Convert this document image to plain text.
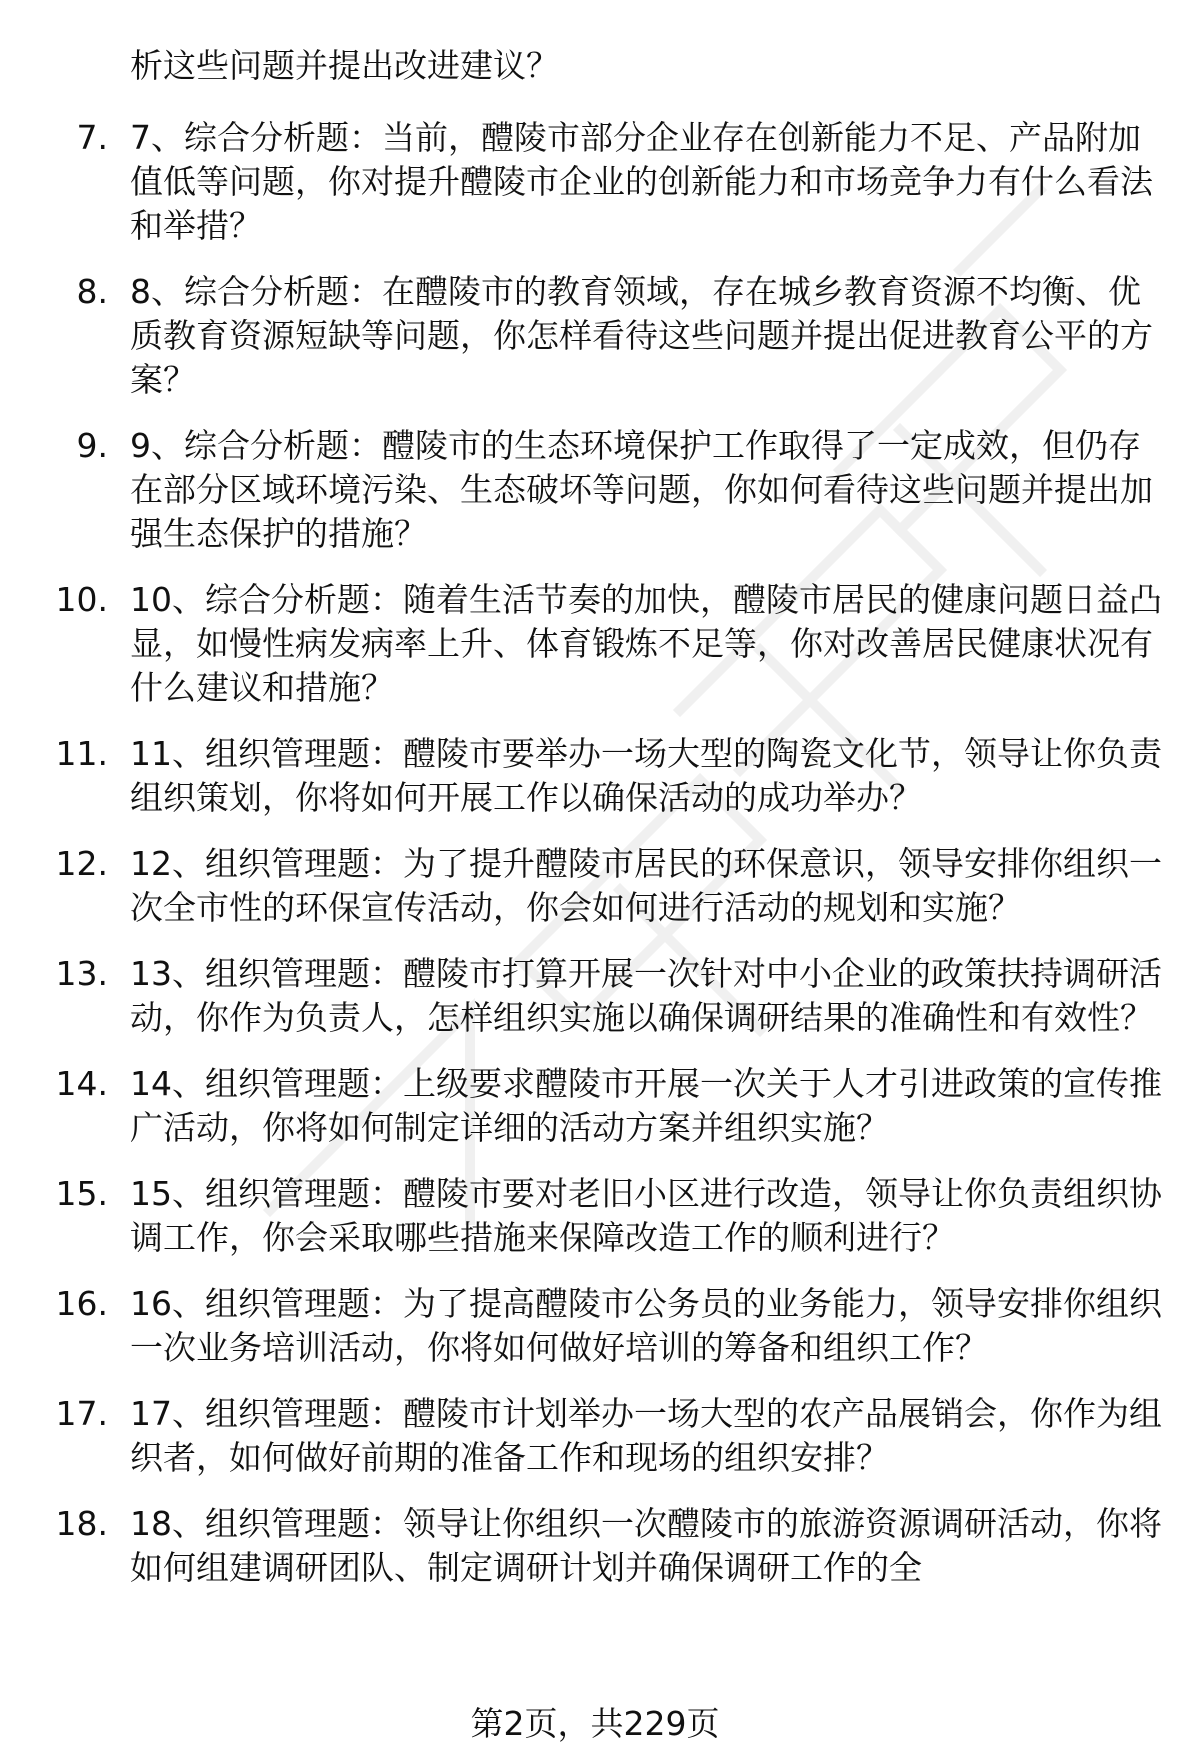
析这些问题并提出改进建议？
7. 7、综合分析题：当前，醴陵市部分企业存在创新能力不足、产品附加值低等问题，你对提升醴陵市企业的创新能力和市场竞争力有什么看法和举措？
8. 8、综合分析题：在醴陵市的教育领域，存在城乡教育资源不均衡、优质教育资源短缺等问题，你怎样看待这些问题并提出促进教育公平的方案？
9. 9、综合分析题：醴陵市的生态环境保护工作取得了一定成效，但仍存在部分区域环境污染、生态破坏等问题，你如何看待这些问题并提出加强生态保护的措施？
10. 10、综合分析题：随着生活节奏的加快，醴陵市居民的健康问题日益凸显，如慢性病发病率上升、体育锻炼不足等，你对改善居民健康状况有什么建议和措施？
11. 11、组织管理题：醴陵市要举办一场大型的陶瓷文化节，领导让你负责组织策划，你将如何开展工作以确保活动的成功举办？
12. 12、组织管理题：为了提升醴陵市居民的环保意识，领导安排你组织一次全市性的环保宣传活动，你会如何进行活动的规划和实施？
13. 13、组织管理题：醴陵市打算开展一次针对中小企业的政策扶持调研活动，你作为负责人，怎样组织实施以确保调研结果的准确性和有效性？
14. 14、组织管理题：上级要求醴陵市开展一次关于人才引进政策的宣传推广活动，你将如何制定详细的活动方案并组织实施？
15. 15、组织管理题：醴陵市要对老旧小区进行改造，领导让你负责组织协调工作，你会采取哪些措施来保障改造工作的顺利进行？
16. 16、组织管理题：为了提高醴陵市公务员的业务能力，领导安排你组织一次业务培训活动，你将如何做好培训的筹备和组织工作？
17. 17、组织管理题：醴陵市计划举办一场大型的农产品展销会，你作为组织者，如何做好前期的准备工作和现场的组织安排？
18. 18、组织管理题：领导让你组织一次醴陵市的旅游资源调研活动，你将如何组建调研团队、制定调研计划并确保调研工作的全
第2页，共229页
